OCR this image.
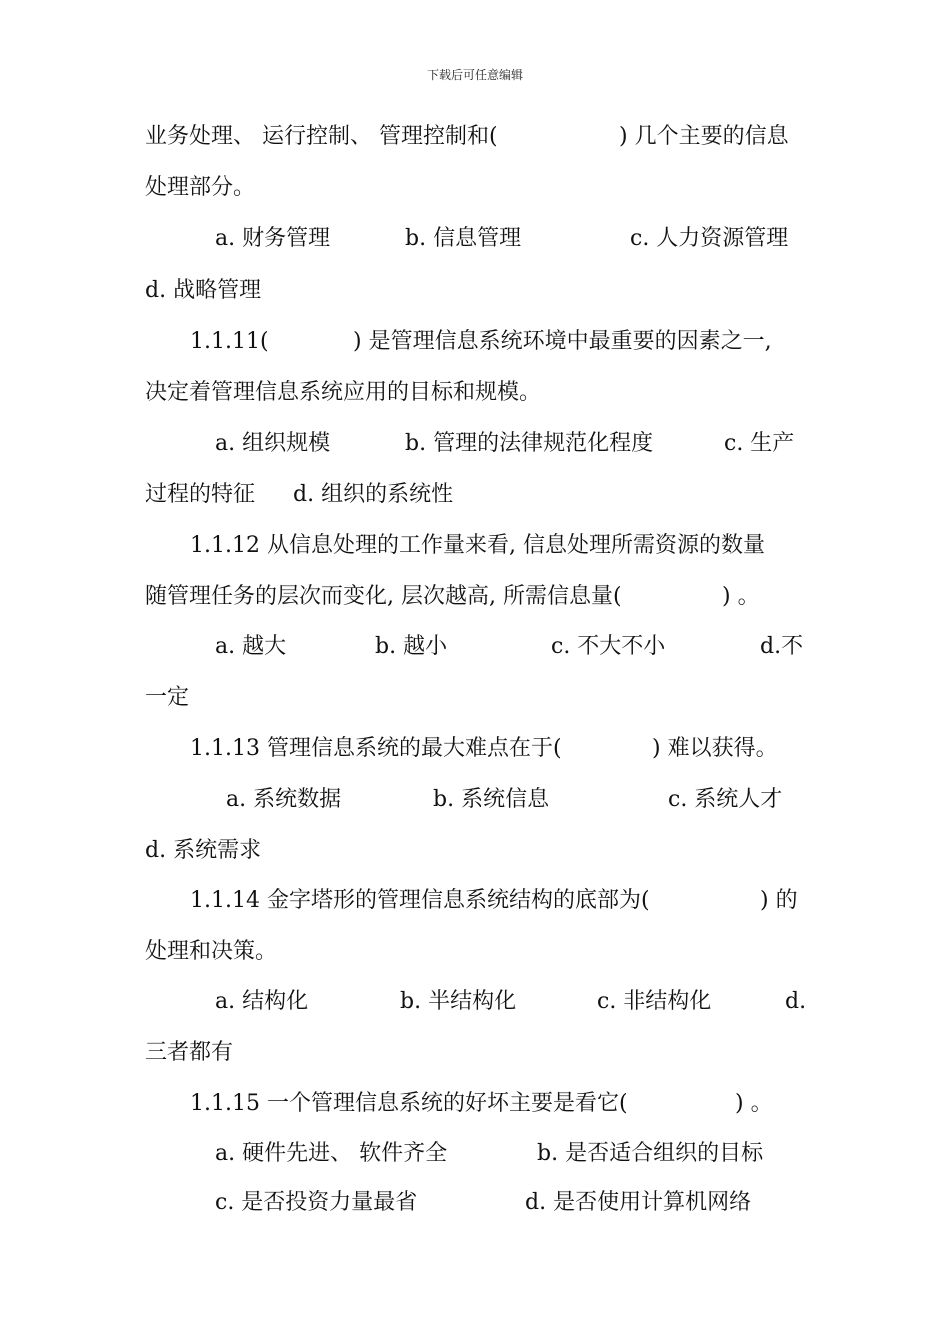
下载后可任意编辑
业务处理、 运行控制、 管理控制和(	) 几个主要的信息
处理部分。
a. 财务管理	b. 信息管理	c. 人力资源管理
d. 战略管理
1.1.11(	) 是管理信息系统环境中最重要的因素之一,
决定着管理信息系统应用的目标和规模。
a. 组织规模	b. 管理的法律规范化程度	c. 生产
过程的特征 d. 组织的系统性
1.1.12 从信息处理的工作量来看, 信息处理所需资源的数量
随管理任务的层次而变化, 层次越高, 所需信息量(	) 。
a. 越大	b. 越小	c. 不大不小	d.不
一定
1.1.13 管理信息系统的最大难点在于(	) 难以获得。
a. 系统数据	b. 系统信息	c. 系统人才
d. 系统需求
1.1.14 金字塔形的管理信息系统结构的底部为(	) 的
处理和决策。
a. 结构化	b. 半结构化	c. 非结构化	d.
三者都有
1.1.15 一个管理信息系统的好坏主要是看它(	) 。
a. 硬件先进、 软件齐全	b. 是否适合组织的目标
c. 是否投资力量最省	d. 是否使用计算机网络
